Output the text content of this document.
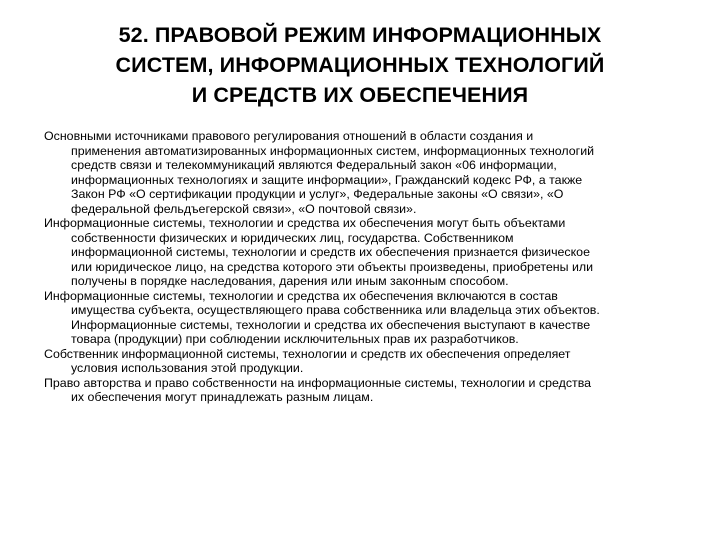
52. ПРАВОВОЙ РЕЖИМ ИНФОРМАЦИОННЫХ
СИСТЕМ, ИНФОРМАЦИОННЫХ ТЕХНОЛОГИЙ
И СРЕДСТВ ИХ ОБЕСПЕЧЕНИЯ
Основными источниками правового регулирования отношений в области создания и
применения автоматизированных информационных систем, информационных технологий
средств связи и телекоммуникаций являются Федеральный закон «06 информации,
информационных технологиях и защите информации», Гражданский кодекс РФ, а также
Закон РФ «О сертификации продукции и услуг», Федеральные законы «О связи», «О
федеральной фельдъегерской связи», «О почтовой связи».
Информационные системы, технологии и средства их обеспечения могут быть объектами
собственности физических и юридических лиц, государства. Собственником
информационной системы, технологии и средств их обеспечения признается физическое
или юридическое лицо, на средства которого эти объекты произведены, приобретены или
получены в порядке наследования, дарения или иным законным способом.
Информационные системы, технологии и средства их обеспечения включаются в состав
имущества субъекта, осуществляющего права собственника или владельца этих объектов.
Информационные системы, технологии и средства их обеспечения выступают в качестве
товара (продукции) при соблюдении исключительных прав их разработчиков.
Собственник информационной системы, технологии и средств их обеспечения определяет
условия использования этой продукции.
Право авторства и право собственности на информационные системы, технологии и средства
их обеспечения могут принадлежать разным лицам.
